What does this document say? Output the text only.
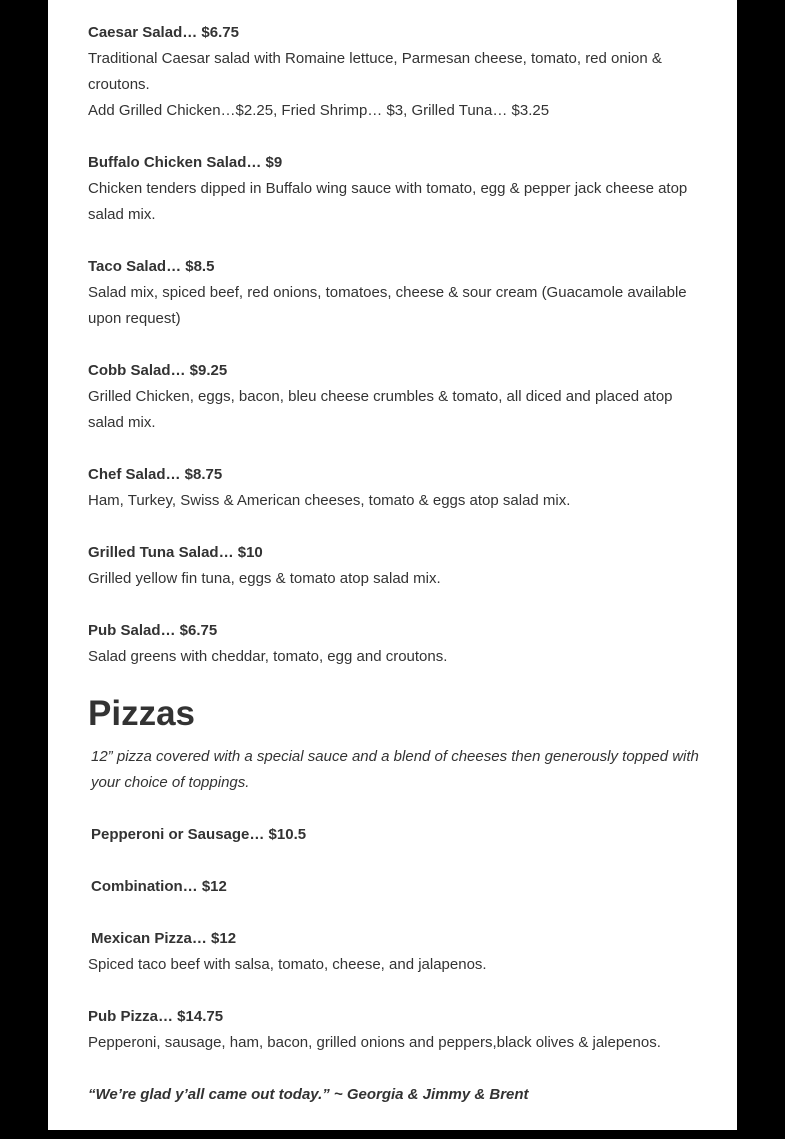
Caesar Salad… $6.75

Traditional Caesar salad with Romaine lettuce, Parmesan cheese, tomato, red onion & croutons.

Add Grilled Chicken…$2.25, Fried Shrimp… $3, Grilled Tuna… $3.25

Buffalo Chicken Salad… $9

Chicken tenders dipped in Buffalo wing sauce with tomato, egg & pepper jack cheese atop salad mix.

Taco Salad… $8.5

Salad mix, spiced beef, red onions, tomatoes, cheese & sour cream (Guacamole available upon request)

Cobb Salad… $9.25

Grilled Chicken, eggs, bacon, bleu cheese crumbles & tomato, all diced and placed atop salad mix.

Chef Salad… $8.75

Ham, Turkey, Swiss & American cheeses, tomato & eggs atop salad mix.

Grilled Tuna Salad… $10

Grilled yellow fin tuna, eggs & tomato atop salad mix.

Pub Salad… $6.75

Salad greens with cheddar, tomato, egg and croutons.

Pizzas

12” pizza covered with a special sauce and a blend of cheeses then generously topped with your choice of toppings.

Pepperoni or Sausage… $10.5

Combination… $12

Mexican Pizza… $12

Spiced taco beef with salsa, tomato, cheese, and jalapenos.

Pub Pizza… $14.75

Pepperoni, sausage, ham, bacon, grilled onions and peppers,black olives & jalepenos.

“We’re glad y’all came out today.” ~ Georgia & Jimmy & Brent
